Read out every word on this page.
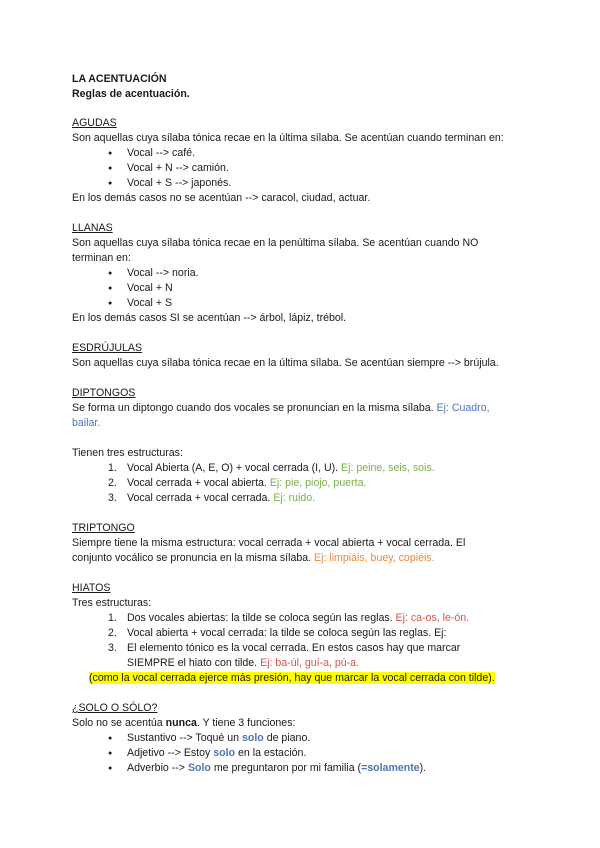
LA ACENTUACIÓN
Reglas de acentuación.
AGUDAS
Son aquellas cuya sílaba tónica recae en la última sílaba. Se acentúan cuando terminan en:
● Vocal --> café.
● Vocal + N --> camión.
● Vocal + S --> japonés.
En los demás casos no se acentúan --> caracol, ciudad, actuar.
LLANAS
Son aquellas cuya sílaba tónica recae en la penúltima sílaba. Se acentúan cuando NO
terminan en:
● Vocal --> noria.
● Vocal + N
● Vocal + S
En los demás casos SI se acentúan --> árbol, lápiz, trébol.
ESDRÚJULAS
Son aquellas cuya sílaba tónica recae en la última sílaba. Se acentúan siempre --> brújula.
DIPTONGOS
Se forma un diptongo cuando dos vocales se pronuncian en la misma sílaba. Ej: Cuadro,
bailar.
Tienen tres estructuras:
1. Vocal Abierta (A, E, O) + vocal cerrada (I, U). Ej: peine, seis, sois.
2. Vocal cerrada + vocal abierta. Ej: pie, piojo, puerta.
3. Vocal cerrada + vocal cerrada. Ej: ruido.
TRIPTONGO
Siempre tiene la misma estructura: vocal cerrada + vocal abierta + vocal cerrada. El
conjunto vocálico se pronuncia en la misma sílaba. Ej: limpiáis, buey, copiéis.
HIATOS
Tres estructuras:
1. Dos vocales abiertas: la tilde se coloca según las reglas. Ej: ca-os, le-ón.
2. Vocal abierta + vocal cerrada: la tilde se coloca según las reglas. Ej:
3. El elemento tónico es la vocal cerrada. En estos casos hay que marcar
SIEMPRE el hiato con tilde. Ej: ba-úl, guí-a, pú-a.
(como la vocal cerrada ejerce más presión, hay que marcar la vocal cerrada con tilde).
¿SOLO O SÓLO?
Solo no se acentúa nunca. Y tiene 3 funciones:
● Sustantivo --> Toqué un solo de piano.
● Adjetivo --> Estoy solo en la estación.
● Adverbio --> Solo me preguntaron por mi familia (=solamente).
